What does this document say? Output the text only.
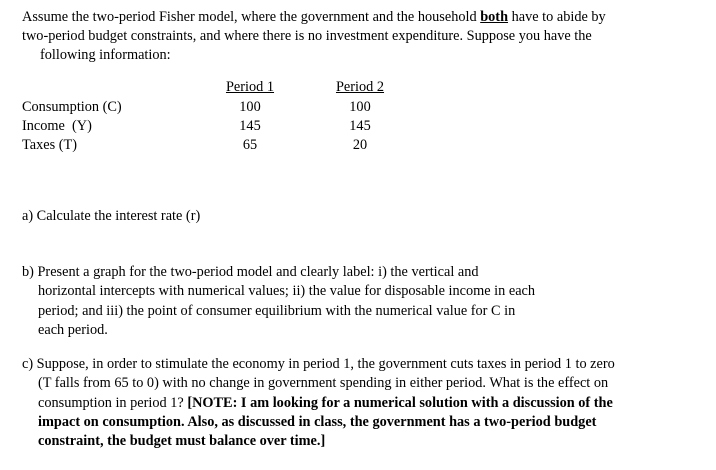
Assume the two-period Fisher model, where the government and the household both have to abide by
two-period budget constraints, and where there is no investment expenditure. Suppose you have the
following information:
	Period 1		Period 2
Consumption (C)	100		100
Income  (Y)	145		145
Taxes (T)	65		20
a) Calculate the interest rate (r)
b) Present a graph for the two-period model and clearly label: i) the vertical and
horizontal intercepts with numerical values; ii) the value for disposable income in each
period; and iii) the point of consumer equilibrium with the numerical value for C in
each period.
c) Suppose, in order to stimulate the economy in period 1, the government cuts taxes in period 1 to zero
(T falls from 65 to 0) with no change in government spending in either period. What is the effect on
consumption in period 1? [NOTE: I am looking for a numerical solution with a discussion of the
impact on consumption. Also, as discussed in class, the government has a two-period budget
constraint, the budget must balance over time.]
